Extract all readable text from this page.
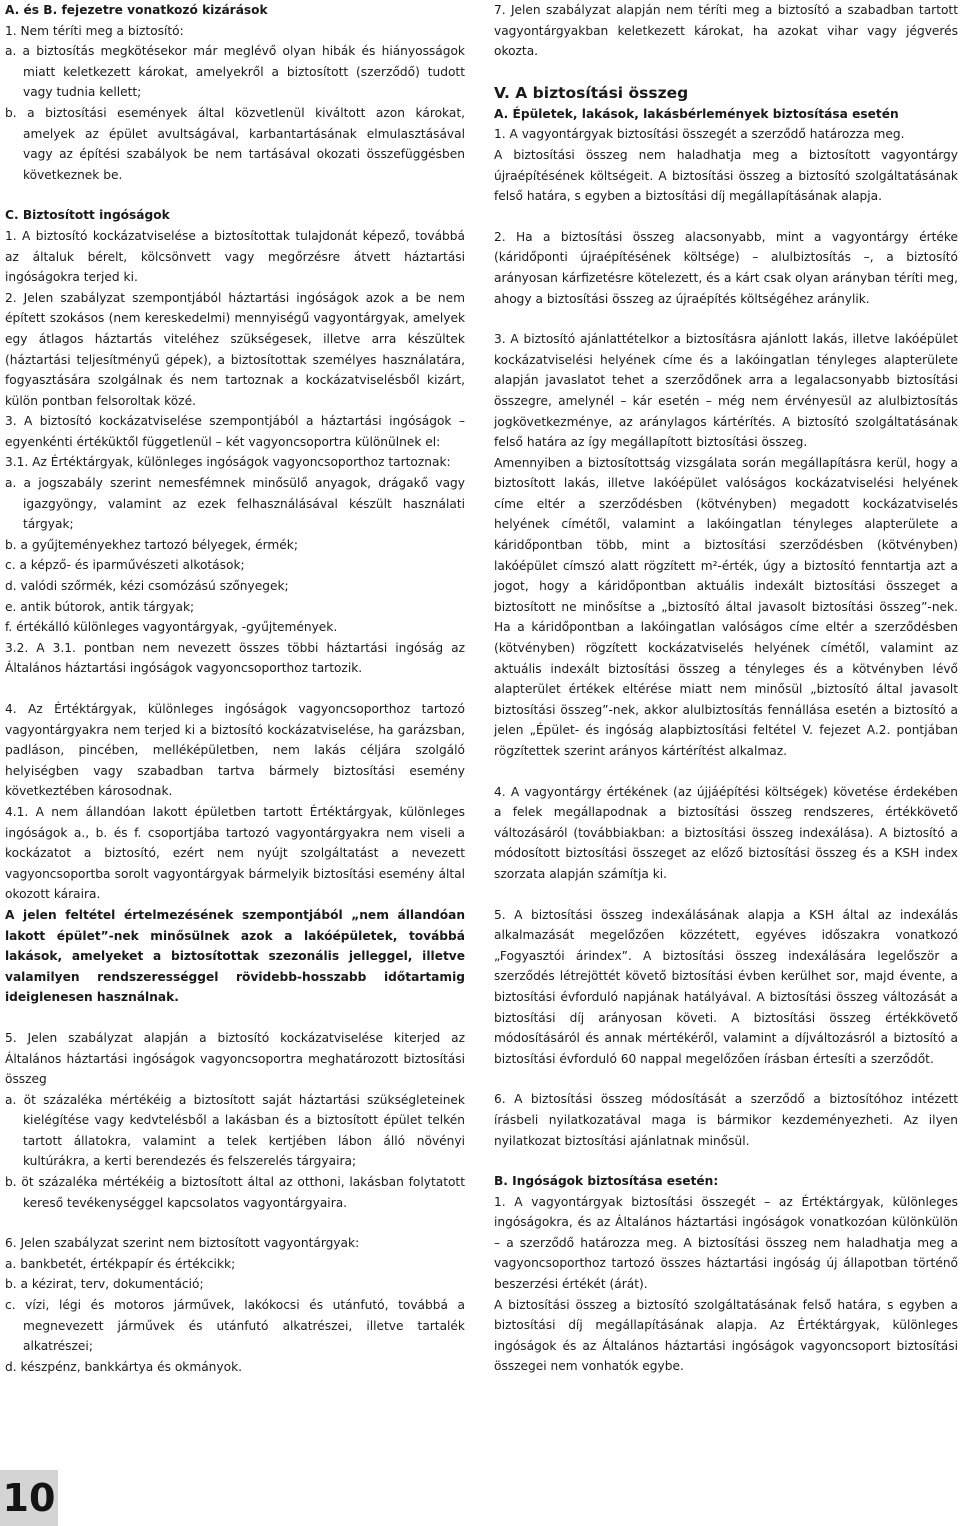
A. és B. fejezetre vonatkozó kizárások

1. Nem téríti meg a biztosító:

a. a biztosítás megkötésekor már meglévő olyan hibák és hiányosságok miatt keletkezett károkat, amelyekről a biztosított (szerződő) tudott vagy tudnia kellett;

b. a biztosítási események által közvetlenül kiváltott azon károkat, amelyek az épület avultságával, karbantartásának elmulasztásával vagy az építési szabályok be nem tartásával okozati összefüggésben következnek be.

C. Biztosított ingóságok

1. A biztosító kockázatviselése a biztosítottak tulajdonát képező, továbbá az általuk bérelt, kölcsönvett vagy megőrzésre átvett háztartási ingóságokra terjed ki.

2. Jelen szabályzat szempontjából háztartási ingóságok azok a be nem épített szokásos (nem kereskedelmi) mennyiségű vagyontárgyak, amelyek egy átlagos háztartás viteléhez szükségesek, illetve arra készültek (háztartási teljesítményű gépek), a biztosítottak személyes használatára, fogyasztására szolgálnak és nem tartoznak a kockázatviselésből kizárt, külön pontban felsoroltak közé.

3. A biztosító kockázatviselése szempontjából a háztartási ingóságok – egyenkénti értéküktől függetlenül – két vagyoncsoportra különülnek el:

3.1. Az Értéktárgyak, különleges ingóságok vagyoncsoporthoz tartoznak:

a. a jogszabály szerint nemesfémnek minősülő anyagok, drágakő vagy igazgyöngy, valamint az ezek felhasználásával készült használati tárgyak;

b. a gyűjteményekhez tartozó bélyegek, érmék;

c. a képző- és iparművészeti alkotások;

d. valódi szőrmék, kézi csomózású szőnyegek;

e. antik bútorok, antik tárgyak;

f. értékálló különleges vagyontárgyak, -gyűjtemények.

3.2. A 3.1. pontban nem nevezett összes többi háztartási ingóság az Általános háztartási ingóságok vagyoncsoporthoz tartozik.

4. Az Értéktárgyak, különleges ingóságok vagyoncsoporthoz tartozó vagyontárgyakra nem terjed ki a biztosító kockázatviselése, ha garázsban, padláson, pincében, melléképületben, nem lakás céljára szolgáló helyiségben vagy szabadban tartva bármely biztosítási esemény következtében károsodnak.

4.1. A nem állandóan lakott épületben tartott Értéktárgyak, különleges ingóságok a., b. és f. csoportjába tartozó vagyontárgyakra nem viseli a kockázatot a biztosító, ezért nem nyújt szolgáltatást a nevezett vagyoncsoportba sorolt vagyontárgyak bármelyik biztosítási esemény által okozott káraira.

A jelen feltétel értelmezésének szempontjából „nem állandóan lakott épület”-nek minősülnek azok a lakóépületek, továbbá lakások, amelyeket a biztosítottak szezonális jelleggel, illetve valamilyen rendszerességgel rövidebb-hosszabb időtartamig ideiglenesen használnak.

5. Jelen szabályzat alapján a biztosító kockázatviselése kiterjed az Általános háztartási ingóságok vagyoncsoportra meghatározott biztosítási összeg

a. öt százaléka mértékéig a biztosított saját háztartási szükségleteinek kielégítése vagy kedvtelésből a lakásban és a biztosított épület telkén tartott állatokra, valamint a telek kertjében lábon álló növényi kultúrákra, a kerti berendezés és felszerelés tárgyaira;

b. öt százaléka mértékéig a biztosított által az otthoni, lakásban folytatott kereső tevékenységgel kapcsolatos vagyontárgyaira.

6. Jelen szabályzat szerint nem biztosított vagyontárgyak:

a. bankbetét, értékpapír és értékcikk;

b. a kézirat, terv, dokumentáció;

c. vízi, légi és motoros járművek, lakókocsi és utánfutó, továbbá a megnevezett járművek és utánfutó alkatrészei, illetve tartalék alkatrészei;

d. készpénz, bankkártya és okmányok.

7. Jelen szabályzat alapján nem téríti meg a biztosító a szabadban tartott vagyontárgyakban keletkezett károkat, ha azokat vihar vagy jégverés okozta.

V. A biztosítási összeg

A. Épületek, lakások, lakásbérlemények biztosítása esetén

1. A vagyontárgyak biztosítási összegét a szerződő határozza meg.

A biztosítási összeg nem haladhatja meg a biztosított vagyontárgy újraépítésének költségeit. A biztosítási összeg a biztosító szolgáltatásának felső határa, s egyben a biztosítási díj megállapításának alapja.

2. Ha a biztosítási összeg alacsonyabb, mint a vagyontárgy értéke (káridőponti újraépítésének költsége) – alulbiztosítás –, a biztosító arányosan kárfizetésre kötelezett, és a kárt csak olyan arányban téríti meg, ahogy a biztosítási összeg az újraépítés költségéhez aránylik.

3. A biztosító ajánlattételkor a biztosításra ajánlott lakás, illetve lakóépület kockázatviselési helyének címe és a lakóingatlan tényleges alapterülete alapján javaslatot tehet a szerződőnek arra a legalacsonyabb biztosítási összegre, amelynél – kár esetén – még nem érvényesül az alulbiztosítás jogkövetkezménye, az aránylagos kártérítés. A biztosító szolgáltatásának felső határa az így megállapított biztosítási összeg.

Amennyiben a biztosítottság vizsgálata során megállapításra kerül, hogy a biztosított lakás, illetve lakóépület valóságos kockázatviselési helyének címe eltér a szerződésben (kötvényben) megadott kockázatviselés helyének címétől, valamint a lakóingatlan tényleges alapterülete a káridőpontban több, mint a biztosítási szerződésben (kötvényben) lakóépület címszó alatt rögzített m²-érték, úgy a biztosító fenntartja azt a jogot, hogy a káridőpontban aktuális indexált biztosítási összeget a biztosított ne minősítse a „biztosító által javasolt biztosítási összeg”-nek. Ha a káridőpontban a lakóingatlan valóságos címe eltér a szerződésben (kötvényben) rögzített kockázatviselés helyének címétől, valamint az aktuális indexált biztosítási összeg a tényleges és a kötvényben lévő alapterület értékek eltérése miatt nem minősül „biztosító által javasolt biztosítási összeg”-nek, akkor alulbiztosítás fennállása esetén a biztosító a jelen „Épület- és ingóság alapbiztosítási feltétel V. fejezet A.2. pontjában rögzítettek szerint arányos kártérítést alkalmaz.

4. A vagyontárgy értékének (az újjáépítési költségek) követése érdekében a felek megállapodnak a biztosítási összeg rendszeres, értékkövető változásáról (továbbiakban: a biztosítási összeg indexálása). A biztosító a módosított biztosítási összeget az előző biztosítási összeg és a KSH index szorzata alapján számítja ki.

5. A biztosítási összeg indexálásának alapja a KSH által az indexálás alkalmazását megelőzően közzétett, egyéves időszakra vonatkozó „Fogyasztói árindex”. A biztosítási összeg indexálására legelőször a szerződés létrejöttét követő biztosítási évben kerülhet sor, majd évente, a biztosítási évforduló napjának hatályával. A biztosítási összeg változását a biztosítási díj arányosan követi. A biztosítási összeg értékkövető módosításáról és annak mértékéről, valamint a díjváltozásról a biztosító a biztosítási évforduló 60 nappal megelőzően írásban értesíti a szerződőt.

6. A biztosítási összeg módosítását a szerződő a biztosítóhoz intézett írásbeli nyilatkozatával maga is bármikor kezdeményezheti. Az ilyen nyilatkozat biztosítási ajánlatnak minősül.

B. Ingóságok biztosítása esetén:

1. A vagyontárgyak biztosítási összegét – az Értéktárgyak, különleges ingóságokra, és az Általános háztartási ingóságok vonatkozóan különkülön – a szerződő határozza meg. A biztosítási összeg nem haladhatja meg a vagyoncsoporthoz tartozó összes háztartási ingóság új állapotban történő beszerzési értékét (árát).

A biztosítási összeg a biztosító szolgáltatásának felső határa, s egyben a biztosítási díj megállapításának alapja. Az Értéktárgyak, különleges ingóságok és az Általános háztartási ingóságok vagyoncsoport biztosítási összegei nem vonhatók egybe.

10
